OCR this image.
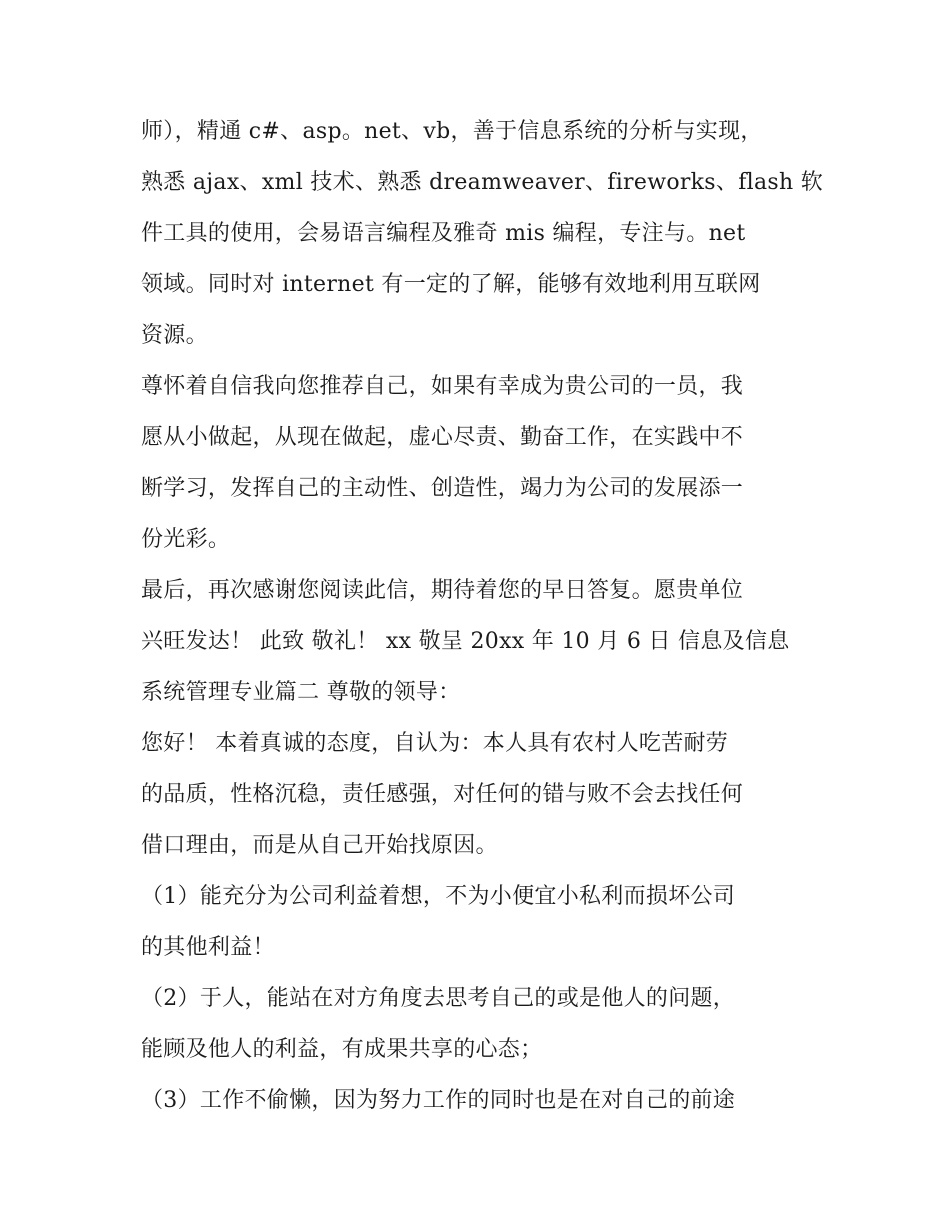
师），精通 c#、asp。net、vb，善于信息系统的分析与实现，
熟悉 ajax、xml 技术、熟悉 dreamweaver、fireworks、flash 软
件工具的使用，会易语言编程及雅奇 mis 编程，专注与。net
领域。同时对 internet 有一定的了解，能够有效地利用互联网
资源。
尊怀着自信我向您推荐自己，如果有幸成为贵公司的一员，我
愿从小做起，从现在做起，虚心尽责、勤奋工作，在实践中不
断学习，发挥自己的主动性、创造性，竭力为公司的发展添一
份光彩。
最后，再次感谢您阅读此信，期待着您的早日答复。愿贵单位
兴旺发达！ 此致 敬礼！ xx 敬呈 20xx 年 10 月 6 日 信息及信息
系统管理专业篇二 尊敬的领导：
您好！ 本着真诚的态度，自认为：本人具有农村人吃苦耐劳
的品质，性格沉稳，责任感强，对任何的错与败不会去找任何
借口理由，而是从自己开始找原因。
（1）能充分为公司利益着想，不为小便宜小私利而损坏公司
的其他利益！
（2）于人，能站在对方角度去思考自己的或是他人的问题，
能顾及他人的利益，有成果共享的心态；
（3）工作不偷懒，因为努力工作的同时也是在对自己的前途
